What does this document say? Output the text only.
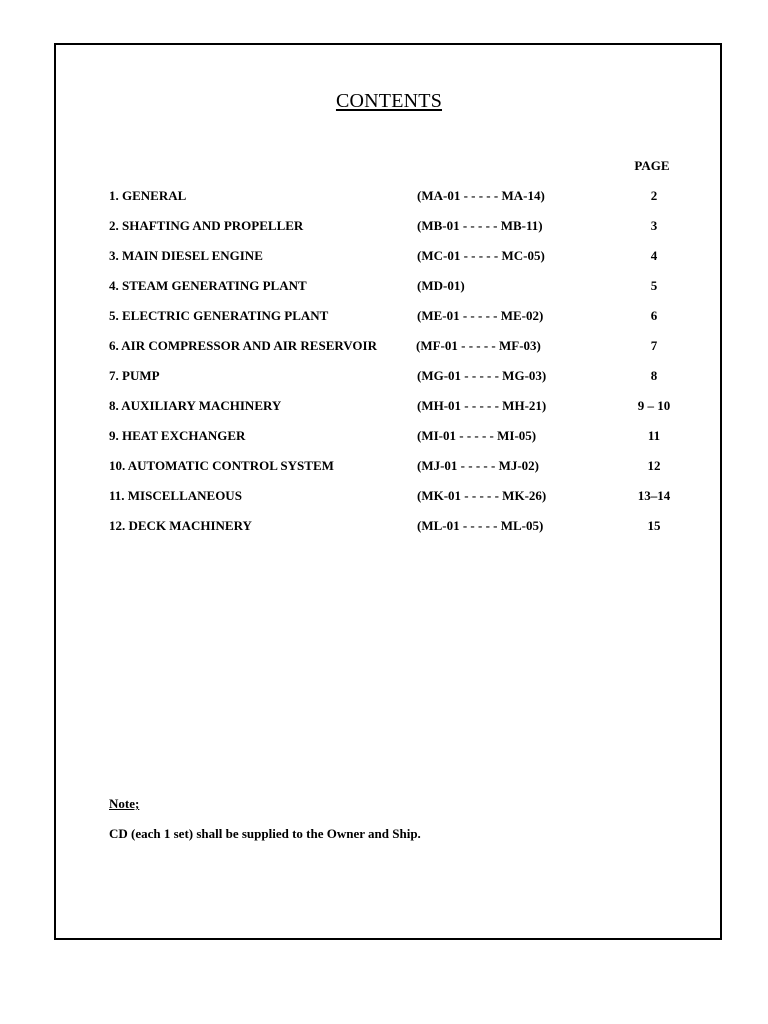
CONTENTS
PAGE
1. GENERAL	(MA-01 - - - - - MA-14)	2
2. SHAFTING AND PROPELLER	(MB-01 - - - - - MB-11)	3
3. MAIN DIESEL ENGINE	(MC-01 - - - - - MC-05)	4
4. STEAM GENERATING PLANT	(MD-01)	5
5. ELECTRIC GENERATING PLANT	(ME-01 - - - - - ME-02)	6
6. AIR COMPRESSOR AND AIR RESERVOIR	(MF-01 - - - - - MF-03)	7
7. PUMP	(MG-01 - - - - - MG-03)	8
8. AUXILIARY MACHINERY	(MH-01 - - - - - MH-21)	9 – 10
9. HEAT EXCHANGER	(MI-01 - - - - - MI-05)	11
10. AUTOMATIC CONTROL SYSTEM	(MJ-01 - - - - - MJ-02)	12
11. MISCELLANEOUS	(MK-01 - - - - - MK-26)	13–14
12. DECK MACHINERY	(ML-01 - - - - - ML-05)	15
Note;
CD (each 1 set) shall be supplied to the Owner and Ship.
